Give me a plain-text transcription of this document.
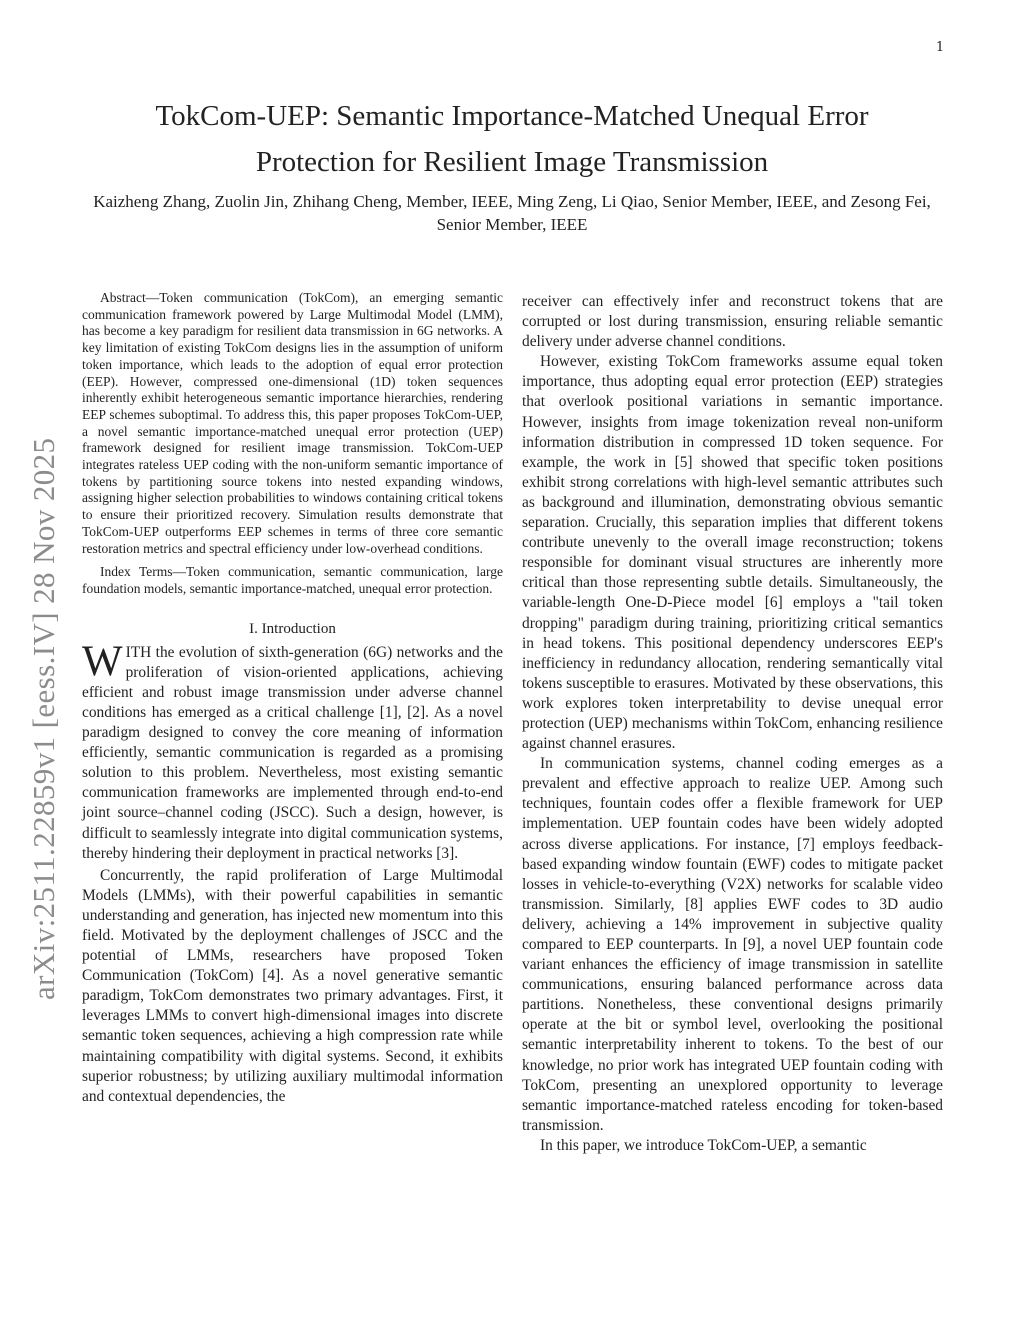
1
arXiv:2511.22859v1 [eess.IV] 28 Nov 2025
TokCom-UEP: Semantic Importance-Matched Unequal Error Protection for Resilient Image Transmission
Kaizheng Zhang, Zuolin Jin, Zhihang Cheng, Member, IEEE, Ming Zeng, Li Qiao, Senior Member, IEEE, and Zesong Fei, Senior Member, IEEE

Abstract—Token communication (TokCom), an emerging semantic communication framework powered by Large Multimodal Model (LMM), has become a key paradigm for resilient data transmission in 6G networks. A key limitation of existing TokCom designs lies in the assumption of uniform token importance, which leads to the adoption of equal error protection (EEP). However, compressed one-dimensional (1D) token sequences inherently exhibit heterogeneous semantic importance hierarchies, rendering EEP schemes suboptimal. To address this, this paper proposes TokCom-UEP, a novel semantic importance-matched unequal error protection (UEP) framework designed for resilient image transmission. TokCom-UEP integrates rateless UEP coding with the non-uniform semantic importance of tokens by partitioning source tokens into nested expanding windows, assigning higher selection probabilities to windows containing critical tokens to ensure their prioritized recovery. Simulation results demonstrate that TokCom-UEP outperforms EEP schemes in terms of three core semantic restoration metrics and spectral efficiency under low-overhead conditions.

Index Terms—Token communication, semantic communication, large foundation models, semantic importance-matched, unequal error protection.

I. Introduction

WITH the evolution of sixth-generation (6G) networks and the proliferation of vision-oriented applications, achieving efficient and robust image transmission under adverse channel conditions has emerged as a critical challenge [1], [2]. As a novel paradigm designed to convey the core meaning of information efficiently, semantic communication is regarded as a promising solution to this problem. Nevertheless, most existing semantic communication frameworks are implemented through end-to-end joint source–channel coding (JSCC). Such a design, however, is difficult to seamlessly integrate into digital communication systems, thereby hindering their deployment in practical networks [3].

Concurrently, the rapid proliferation of Large Multimodal Models (LMMs), with their powerful capabilities in semantic understanding and generation, has injected new momentum into this field. Motivated by the deployment challenges of JSCC and the potential of LMMs, researchers have proposed Token Communication (TokCom) [4]. As a novel generative semantic paradigm, TokCom demonstrates two primary advantages. First, it leverages LMMs to convert high-dimensional images into discrete semantic token sequences, achieving a high compression rate while maintaining compatibility with digital systems. Second, it exhibits superior robustness; by utilizing auxiliary multimodal information and contextual dependencies, the

receiver can effectively infer and reconstruct tokens that are corrupted or lost during transmission, ensuring reliable semantic delivery under adverse channel conditions.

However, existing TokCom frameworks assume equal token importance, thus adopting equal error protection (EEP) strategies that overlook positional variations in semantic importance. However, insights from image tokenization reveal non-uniform information distribution in compressed 1D token sequence. For example, the work in [5] showed that specific token positions exhibit strong correlations with high-level semantic attributes such as background and illumination, demonstrating obvious semantic separation. Crucially, this separation implies that different tokens contribute unevenly to the overall image reconstruction; tokens responsible for dominant visual structures are inherently more critical than those representing subtle details. Simultaneously, the variable-length One-D-Piece model [6] employs a "tail token dropping" paradigm during training, prioritizing critical semantics in head tokens. This positional dependency underscores EEP's inefficiency in redundancy allocation, rendering semantically vital tokens susceptible to erasures. Motivated by these observations, this work explores token interpretability to devise unequal error protection (UEP) mechanisms within TokCom, enhancing resilience against channel erasures.

In communication systems, channel coding emerges as a prevalent and effective approach to realize UEP. Among such techniques, fountain codes offer a flexible framework for UEP implementation. UEP fountain codes have been widely adopted across diverse applications. For instance, [7] employs feedback-based expanding window fountain (EWF) codes to mitigate packet losses in vehicle-to-everything (V2X) networks for scalable video transmission. Similarly, [8] applies EWF codes to 3D audio delivery, achieving a 14% improvement in subjective quality compared to EEP counterparts. In [9], a novel UEP fountain code variant enhances the efficiency of image transmission in satellite communications, ensuring balanced performance across data partitions. Nonetheless, these conventional designs primarily operate at the bit or symbol level, overlooking the positional semantic interpretability inherent to tokens. To the best of our knowledge, no prior work has integrated UEP fountain coding with TokCom, presenting an unexplored opportunity to leverage semantic importance-matched rateless encoding for token-based transmission.

In this paper, we introduce TokCom-UEP, a semantic
